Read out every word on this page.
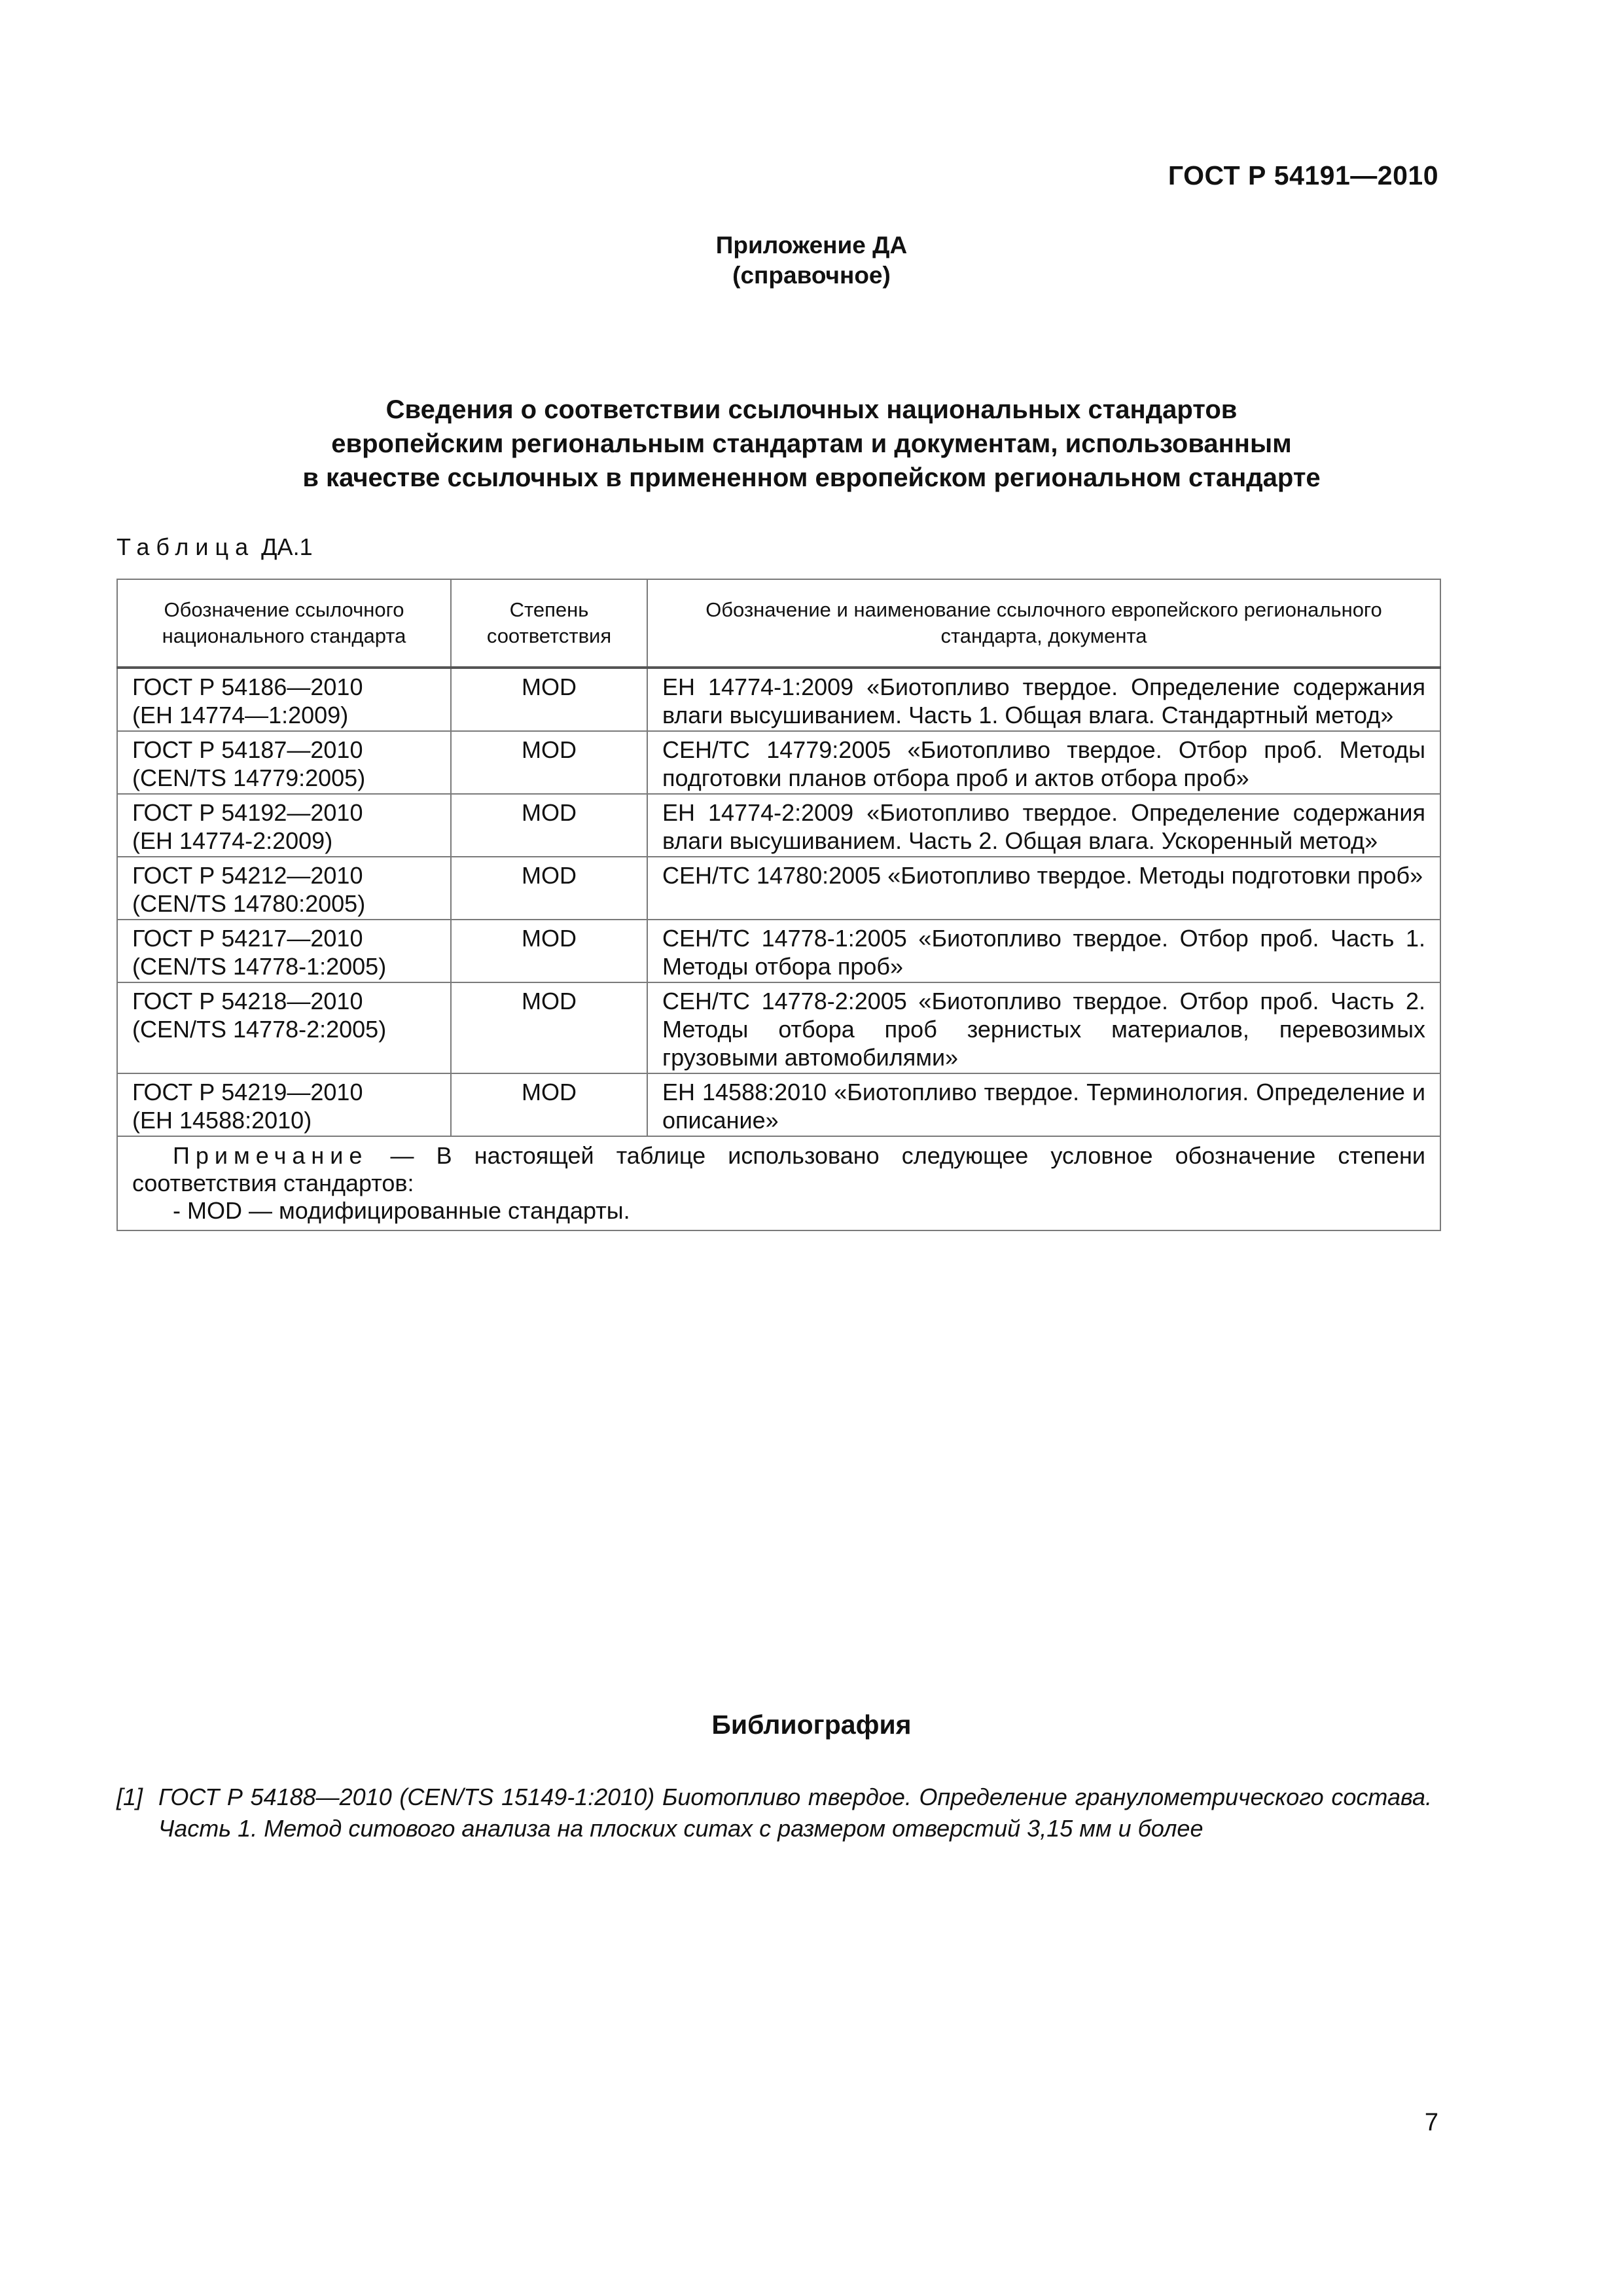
ГОСТ Р 54191—2010
Приложение ДА
(справочное)
Сведения о соответствии ссылочных национальных стандартов
европейским региональным стандартам и документам, использованным
в качестве ссылочных в примененном европейском региональном стандарте
Таблица ДА.1
Обозначение ссылочного национального стандарта	Степень соответствия	Обозначение и наименование ссылочного европейского регионального стандарта, документа

ГОСТ Р 54186—2010
(ЕН 14774—1:2009)	MOD	ЕН 14774-1:2009 «Биотопливо твердое. Определение содержания влаги высушиванием. Часть 1. Общая влага. Стандартный метод»

ГОСТ Р 54187—2010
(CEN/TS 14779:2005)	MOD	СЕН/ТС 14779:2005 «Биотопливо твердое. Отбор проб. Методы подготовки планов отбора проб и актов отбора проб»

ГОСТ Р 54192—2010
(ЕН 14774-2:2009)	MOD	ЕН 14774-2:2009 «Биотопливо твердое. Определение содержания влаги высушиванием. Часть 2. Общая влага. Ускоренный метод»

ГОСТ Р 54212—2010
(CEN/TS 14780:2005)	MOD	СЕН/ТС 14780:2005 «Биотопливо твердое. Методы подготовки проб»

ГОСТ Р 54217—2010
(CEN/TS 14778-1:2005)	MOD	СЕН/ТС 14778-1:2005 «Биотопливо твердое. Отбор проб. Часть 1. Методы отбора проб»

ГОСТ Р 54218—2010
(CEN/TS 14778-2:2005)	MOD	СЕН/ТС 14778-2:2005 «Биотопливо твердое. Отбор проб. Часть 2. Методы отбора проб зернистых материалов, перевозимых грузовыми автомобилями»

ГОСТ Р 54219—2010
(ЕН 14588:2010)	MOD	ЕН 14588:2010 «Биотопливо твердое. Терминология. Определение и описание»
Примечание — В настоящей таблице использовано следующее условное обозначение степени соответствия стандартов:
- MOD — модифицированные стандарты.		
Библиография
[1] ГОСТ Р 54188—2010 (CEN/TS 15149-1:2010) Биотопливо твердое. Определение гранулометрического состава. Часть 1. Метод ситового анализа на плоских ситах с размером отверстий 3,15 мм и более
7
